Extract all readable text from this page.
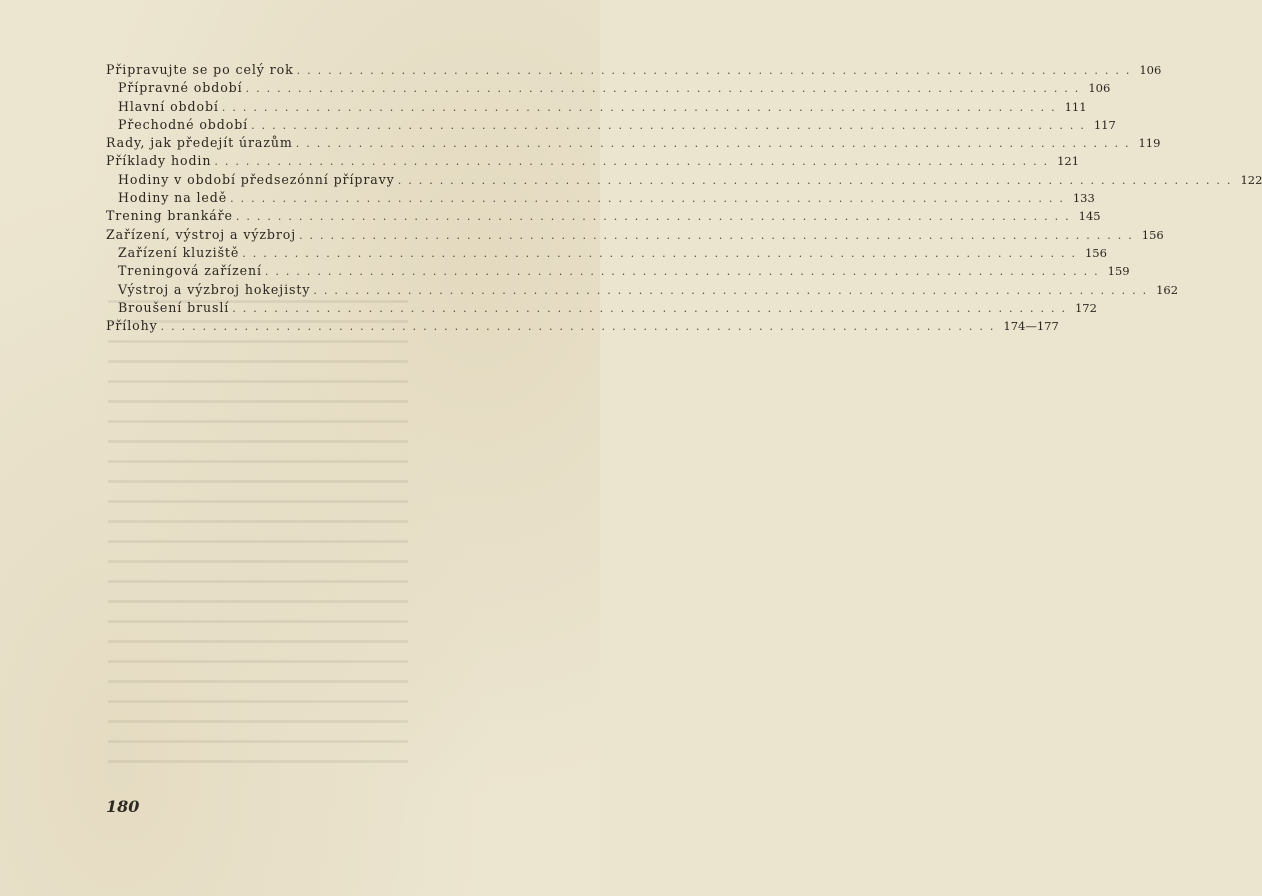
Připravujte se po celý rok ................................................................................ 106
Přípravné období ................................................................................ 106
Hlavní období ................................................................................ 111
Přechodné období ................................................................................ 117
Rady, jak předejít úrazům ................................................................................ 119
Příklady hodin ................................................................................ 121
Hodiny v období předsezónní přípravy ................................................................................ 122
Hodiny na ledě ................................................................................ 133
Trening brankáře ................................................................................ 145
Zařízení, výstroj a výzbroj ................................................................................ 156
Zařízení kluziště ................................................................................ 156
Treningová zařízení ................................................................................ 159
Výstroj a výzbroj hokejisty ................................................................................ 162
Broušení bruslí ................................................................................ 172
Přílohy ................................................................................ 174—177
180
